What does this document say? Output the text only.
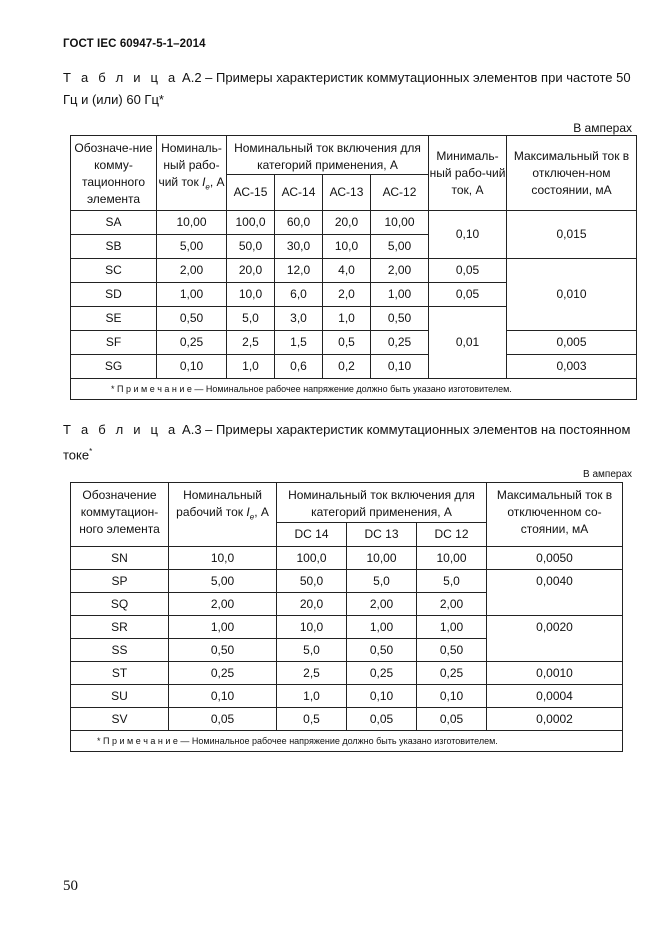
ГОСТ IEC 60947-5-1–2014
Т а б л и ц а А.2 – Примеры характеристик коммутационных элементов при частоте 50 Гц и (или) 60 Гц*
В амперах
Обозначе-ние комму-тационного элемента	Номиналь-ный рабо-чий ток $I_e$, А	Номинальный ток включения для категорий применения, А				Минималь-ный рабо-чий ток, А	Максимальный ток в отключен-ном состоянии, мА
		АС-15	АС-14	АС-13	АС-12		
SA	10,00	100,0	60,0	20,0	10,00	0,10	0,015
SB	5,00	50,0	30,0	10,0	5,00		
SC	2,00	20,0	12,0	4,0	2,00	0,05	0,010
SD	1,00	10,0	6,0	2,0	1,00	0,05	
SE	0,50	5,0	3,0	1,0	0,50	0,01	
SF	0,25	2,5	1,5	0,5	0,25		0,005
SG	0,10	1,0	0,6	0,2	0,10		0,003
* П р и м е ч а н и е — Номинальное рабочее напряжение должно быть указано изготовителем.							
Т а б л и ц а А.3 – Примеры характеристик коммутационных элементов на постоянном токе*
В амперах
Обозначение коммутацион-ного элемента	Номинальный рабочий ток $I_e$, А	Номинальный ток включения для категорий применения, А			Максимальный ток в отключенном со-стоянии, мА
		DC 14	DC 13	DC 12	
SN	10,0	100,0	10,00	10,00	0,0050
SP	5,00	50,0	5,0	5,0	0,0040
SQ	2,00	20,0	2,00	2,00	
SR	1,00	10,0	1,00	1,00	0,0020
SS	0,50	5,0	0,50	0,50	
ST	0,25	2,5	0,25	0,25	0,0010
SU	0,10	1,0	0,10	0,10	0,0004
SV	0,05	0,5	0,05	0,05	0,0002
* П р и м е ч а н и е — Номинальное рабочее напряжение должно быть указано изготовителем.					
50
